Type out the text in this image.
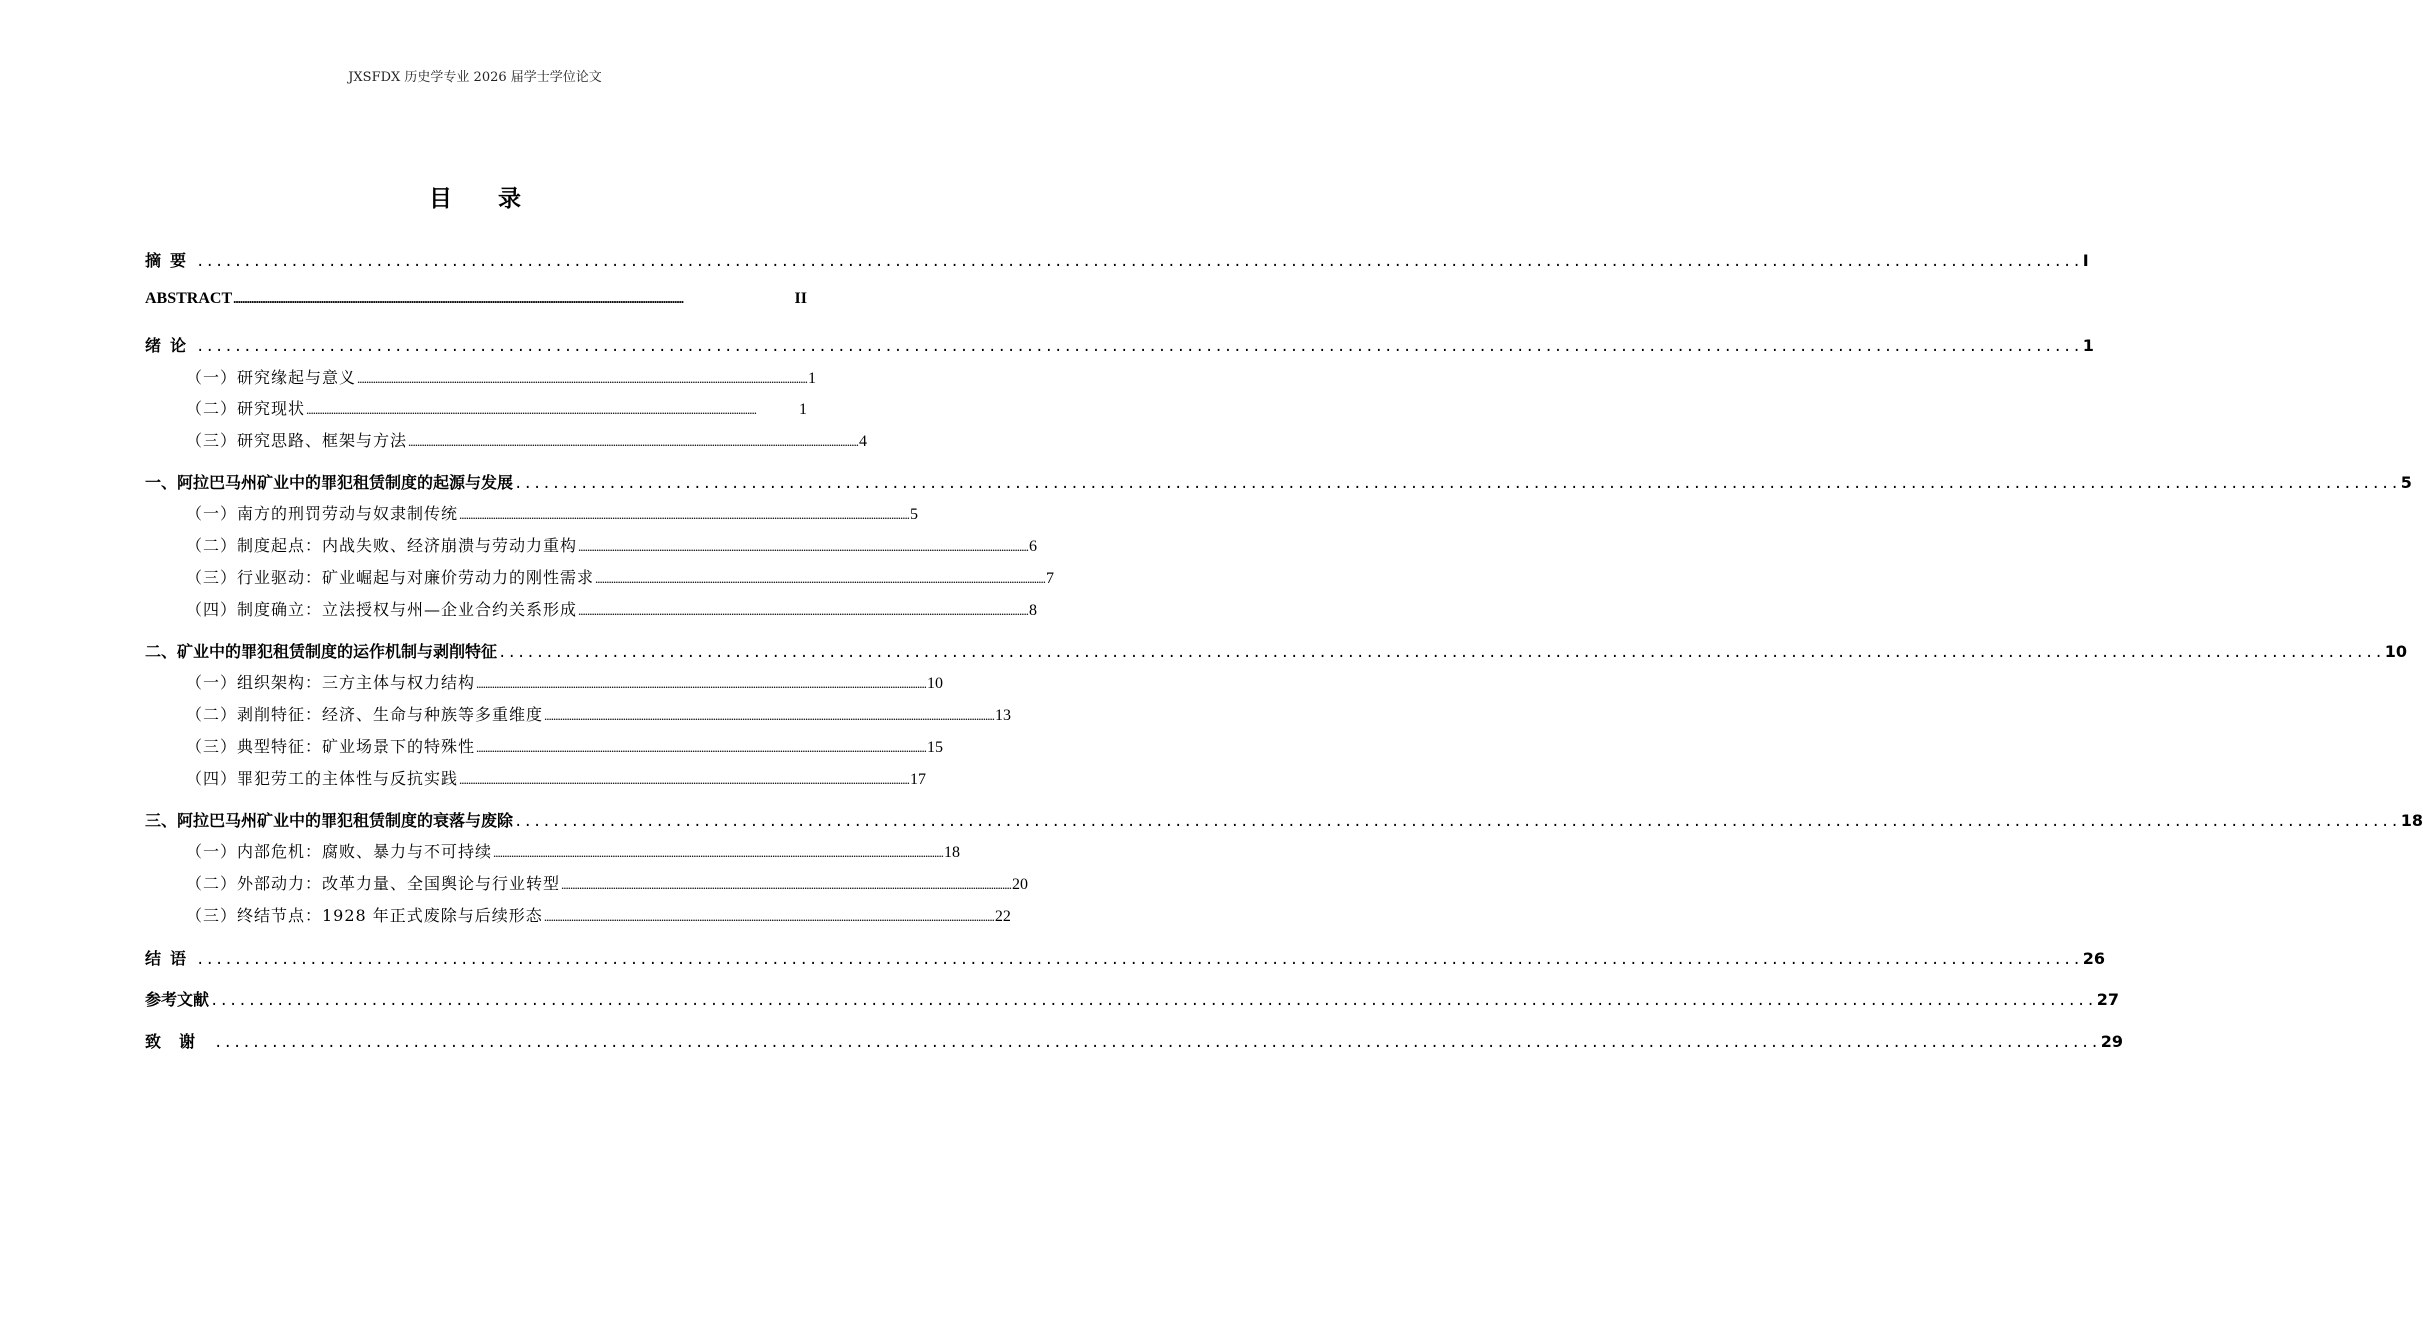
JXSFDX 历史学专业 2026 届学士学位论文
目录
摘要 ........................................................................................................................................................................................................ I
ABSTRACT ........................................................................................................................................................................................................	II
绪论 ........................................................................................................................................................................................................ 1
（一）研究缘起与意义 ........................................................................................................................................................................................................ 1
（二）研究现状 ........................................................................................................................................................................................................	1
（三）研究思路、框架与方法 ........................................................................................................................................................................................................ 4
一、阿拉巴马州矿业中的罪犯租赁制度的起源与发展 ........................................................................................................................................................................................................ 5
（一）南方的刑罚劳动与奴隶制传统 ........................................................................................................................................................................................................ 5
（二）制度起点：内战失败、经济崩溃与劳动力重构 ........................................................................................................................................................................................................ 6
（三）行业驱动：矿业崛起与对廉价劳动力的刚性需求 ........................................................................................................................................................................................................ 7
（四）制度确立：立法授权与州—企业合约关系形成 ........................................................................................................................................................................................................ 8
二、矿业中的罪犯租赁制度的运作机制与剥削特征 ........................................................................................................................................................................................................ 10
（一）组织架构：三方主体与权力结构 ........................................................................................................................................................................................................ 10
（二）剥削特征：经济、生命与种族等多重维度 ........................................................................................................................................................................................................ 13
（三）典型特征：矿业场景下的特殊性 ........................................................................................................................................................................................................ 15
（四）罪犯劳工的主体性与反抗实践 ........................................................................................................................................................................................................ 17
三、阿拉巴马州矿业中的罪犯租赁制度的衰落与废除 ........................................................................................................................................................................................................ 18
（一）内部危机：腐败、暴力与不可持续 ........................................................................................................................................................................................................ 18
（二）外部动力：改革力量、全国舆论与行业转型 ........................................................................................................................................................................................................ 20
（三）终结节点：1928 年正式废除与后续形态 ........................................................................................................................................................................................................ 22
结语 ........................................................................................................................................................................................................ 26
参考文献 ........................................................................................................................................................................................................ 27
致谢 ........................................................................................................................................................................................................ 29
